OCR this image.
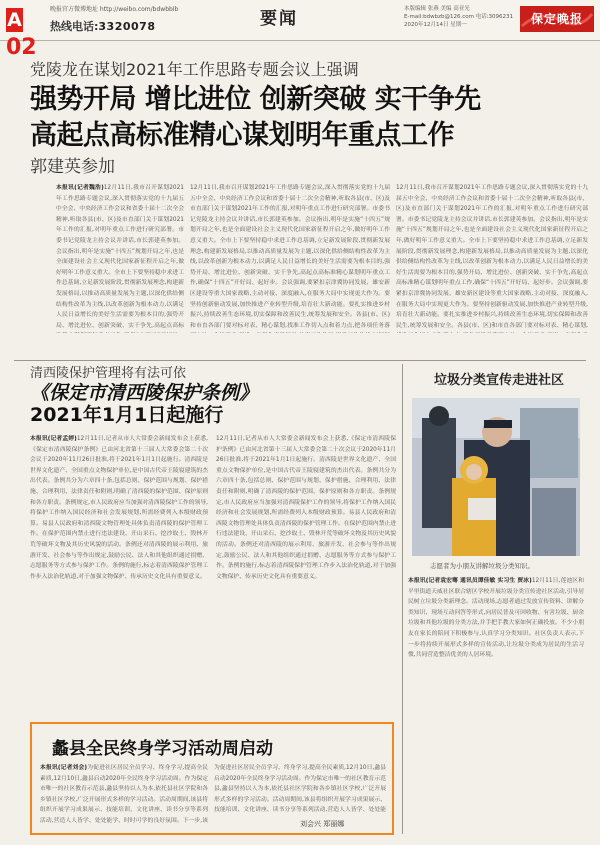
A02
晚报官方微博地址 http://weibo.com/bdwbblb
热线电话:3320078	要闻	本版编辑 张燕 美编 高亚光
E-mail:bdwbzb@126.com 电话:3096231
2020年12月14日 星期一	保定晚报
党陵龙在谋划2021年工作思路专题会议上强调
强势开局 增比进位 创新突破 实干争先
高起点高标准精心谋划明年重点工作
郭建英参加
本报讯(记者魏浩)12月11日,我市召开谋划2021年工作思路专题会议,深入贯彻落实党的十九届五中全会、中央经济工作会议和省委十届十二次全会精神,听取各县(市、区)及市直部门关于谋划2021年工作的汇报,对明年重点工作进行研究部署。市委书记党陵龙主持会议并讲话,市长郭建英参加。会议指出,明年是实施“十四五”规划开局之年,也是全面建设社会主义现代化国家新征程开启之年,做好明年工作意义重大。全市上下要坚持稳中求进工作总基调,立足新发展阶段,贯彻新发展理念,构建新发展格局,以推动高质量发展为主题,以深化供给侧结构性改革为主线,以改革创新为根本动力,以满足人民日益增长的美好生活需要为根本目的,强势开局、增比进位、创新突破、实干争先,高起点高标
12月11日,我市召开谋划2021年工作思路专题会议,深入贯彻落实党的十九届五中全会、中央经济工作会议和省委十届十二次全会精神,听取各县(市、区)及市直部门关于谋划2021年工作的汇报,对明年重点工作进行研究部署。市委书记党陵龙主持会议并讲话,市长郭建英参加。会议指出,明年是实施“十四五”规划开局之年,也是全面建设社会主义现代化国家新征程开启之年,做好明年工作意义重大。全市上下要坚持稳中求进工作总基调,立足新发展阶段,贯彻新发展理念,构建新发展格局,以推动高质量发展为主题,以深化供给侧结构性改革为主线,以改革创新为根本动力,以满足人民日益增长的美好生活需要为根本目的,强势开局、增比进位、创新突破、实干争先,高起点高标准精心谋划明年重点工作,确保“十四五”开好局、起好步。会议强调,要紧扣京津冀协同发展、雄安新区建设等重大国家战略,主动对接、深度融入,在服务大局中实现更大作为。要坚持创新驱动发展,加快推进产业转型升级,培育壮大新动能。要扎实推进乡村振兴,持续改善生态环境,切实保障和改善民生,统筹发展和安全。各县(市、区)和市直各部门要对标对表、精心谋划,找准工作切入点和着力点,把各项任务落
12月11日,我市召开谋划2021年工作思路专题会议,深入贯彻落实党的十九届五中全会、中央经济工作会议和省委十届十二次全会精神,听取各县(市、区)及市直部门关于谋划2021年工作的汇报,对明年重点工作进行研究部署。市委书记党陵龙主持会议并讲话,市长郭建英参加。会议指出,明年是实施“十四五”规划开局之年,也是全面建设社会主义现代化国家新征程开启之年,做好明年工作意义重大。全市上下要坚持稳中求进工作总基调,立足新发展阶段,贯彻新发展理念,构建新发展格局,以推动高质量发展为主题,以深化供给侧结构性改革为主线,以改革创新为根本动力,以满足人民日益增长的美好生活需要为根本目的,强势开局、增比进位、创新突破、实干争先,高起点高标准精心谋划明年重点工作,确保“十四五”开好局、起好步。会议强调,要紧扣京津冀协同发展、雄安新区建设等重大国家战略,主动对接、深度融入,在服务大局中实现更大作为。要坚持创新驱动发展,加快推进产业转型升级,培育壮大新动能。要扎实推进乡村振兴,持续改善生态环境,切实保障和改善民生,统筹发展和安全。各县(市、区)和市直各部门要对标对表、精心谋划,
清西陵保护管理将有法可依
《保定市清西陵保护条例》
2021年1月1日起施行
本报讯(记者孟婷)12月11日,记者从市人大常委会新闻发布会上获悉,《保定市清西陵保护条例》已由河北省第十三届人大常委会第二十次会议于2020年11月26日批准,将于2021年1月1日起施行。清西陵是世界文化遗产、全国重点文物保护单位,是中国古代帝王陵寝建筑的杰出代表。条例共分为六章四十条,包括总则、保护范围与规划、保护措施、合理利用、法律责任和附则,明确了清西陵的保护范围、保护原则和各方职责。条例规定,市人民政府应当加强对清西陵保护工作的领导,将保护工作纳入国民经济和社会发展规划,所需经费列入本级财政预算。易县人民政府和清西陵文物管理处具体负责清西陵的保护管理工作。在保护范围内禁止进行违法建设、开山采石、挖沙取土、毁林开荒等破坏文物及其历史风貌的活动。条例还对清西陵的展示利用、旅游开发、社会参与等作出规定,鼓励公民、法人和其他组织通过捐赠、志愿服务等方式参与保护工作。条例的施行,标志着清西陵保护管理工作步入法治化轨道,对于加强文物保护、传承历史文化具有重要意义。
12月11日,记者从市人大常委会新闻发布会上获悉,《保定市清西陵保护条例》已由河北省第十三届人大常委会第二十次会议于2020年11月26日批准,将于2021年1月1日起施行。清西陵是世界文化遗产、全国重点文物保护单位,是中国古代帝王陵寝建筑的杰出代表。条例共分为六章四十条,包括总则、保护范围与规划、保护措施、合理利用、法律责任和附则,明确了清西陵的保护范围、保护原则和各方职责。条例规定,市人民政府应当加强对清西陵保护工作的领导,将保护工作纳入国民经济和社会发展规划,所需经费列入本级财政预算。易县人民政府和清西陵文物管理处具体负责清西陵的保护管理工作。在保护范围内禁止进行违法建设、开山采石、挖沙取土、毁林开荒等破坏文物及其历史风貌的活动。条例还对清西陵的展示利用、旅游开发、社会参与等作出规定,鼓励公民、法人和其他组织通过捐赠、志愿服务等方式参与保护工作。条例的施行,标志着清西陵保护管理工作步入法治化轨道,对于加强文物保护、传承历史文化具有重要意义。
垃圾分类宣传走进社区
志愿者为小朋友讲解垃圾分类知识。
本报讯(记者袁宏骞 通讯员谭佳敏 实习生 贾冰)12月11日,莲池区和平里街道天威社区联合辖区学校开展垃圾分类宣传进社区活动,引导居民树立垃圾分类新理念。活动现场,志愿者通过发放宣传资料、讲解分类知识、现场互动问答等形式,向居民普及可回收物、有害垃圾、厨余垃圾和其他垃圾的分类方法,并手把手教大家如何正确投放。不少小朋友在家长的陪同下积极参与,认真学习分类知识。社区负责人表示,下一步将持续开展形式多样的宣传活动,让垃圾分类成为居民的生活习惯,共同营造整洁优美的人居环境。
蠡县全民终身学习活动周启动
本报讯(记者刘会)为促进社区居民全员学习、终身学习,提高全民素质,12月10日,蠡县启动2020年全民终身学习活动周。作为保定市唯一的社区教育示范县,蠡县坚持以人为本,依托县社区学院和各乡镇社区学校,广泛开展形式多样的学习活动。活动周期间,该县将组织开展学习成果展示、技能培训、文化讲座、读书分享等系列活动,营造人人皆学、处处能学、时时可学的良好氛围。下一步,该
为促进社区居民全员学习、终身学习,提高全民素质,12月10日,蠡县启动2020年全民终身学习活动周。作为保定市唯一的社区教育示范县,蠡县坚持以人为本,依托县社区学院和各乡镇社区学校,广泛开展形式多样的学习活动。活动周期间,该县将组织开展学习成果展示、技能培训、文化讲座、读书分享等系列活动,营造人人皆学、处处能
刘会兴 郑丽娜
